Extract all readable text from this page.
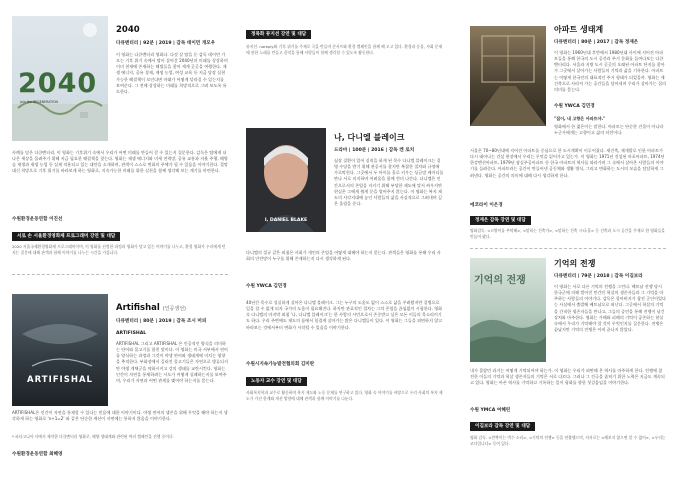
2040
join the REGENERATION
2040
다큐멘터리 | 92분 | 2019 | 감독 데이먼 개모우
이 영화는 다큐멘터리 영화다. 다섯 살 딸을 둔 감독 데이먼 가모는 기후 위기 속에서 딸이 살아갈 2040년의 미래를 상상하며 이미 현재에 존재하는 해법들을 찾아 세계 곳곳을 여행한다. 재생 에너지, 공유 경제, 재생 농업, 여성 교육 등 지금 당장 실현 가능한 해결책이 모인다면 미래가 어떻게 달라질 수 있는지를 보여준다. 그 전에 상상하는 미래를 희망적으로 그려 보도록 유도한다.
사례를 담은 다큐멘터리. 이 영화는 기후위기 속에서 우리가 어떤 미래를 만들어 갈 수 있는지 질문한다. 감독은 딸에게 더 나은 세상을 물려주기 위해 지금 필요한 해결책을 찾는다. 영화는 재생 에너지와 미세 전력망, 공유 교통과 자율 주행, 해양 숲 재생과 재생 농업 등 실제 적용되고 있는 대안을 소개하며, 관객이 스스로 변화의 주체가 될 수 있음을 이야기한다. 절망 대신 희망으로 기후 위기를 바라보게 하는 영화로, 지속가능한 미래를 위한 실천을 함께 생각해 보는 계기를 마련한다.
수원환경운동연합 이진선
서로 손 서울환경영화제 프로그래머 강연 및 대담
2020 서울국제환경영화제 프로그래머이며, 이 영화를 선정한 과정과 영화가 담고 있는 이야기를 나누고, 환경 영화가 우리에게 던지는 질문에 대해 관객과 함께 이야기를 나누는 시간을 가집니다.
ARTIFISHAL
Artifishal (인공생선)
다큐멘터리 | 80분 | 2019 | 감독 조시 머피
ARTIFISHAL
ARTIFISHAL 그리고 ARTIFISHAL 은 인공적인 양식을 의미하는 단어와 물고기를 합친 말이다. 이 영화는 미국 서부에서 연어를 양식하는 과정과 그것이 야생 연어와 생태계에 미치는 영향을 추적한다. 부화장에서 길러진 물고기들은 자연으로 방류되지만 야생 개체군을 약화시키고 강의 생태를 교란시킨다. 영화는 인간이 자연을 통제하려는 시도가 어떻게 실패하는지를 보여주며, 우리가 자연과 어떤 관계를 맺어야 하는지를 묻는다.
ARTIFISHAL은 인간이 자연을 통제할 수 있다는 믿음에 대한 이야기이다. 야생 연어의 생존을 위해 무엇을 해야 하는지 생각하게 하는 영화로 'n+1=2' 와 같은 단순한 계산이 자연에는 통하지 않음을 이야기한다.
* 파타고니아 사에서 제작한 다큐멘터리 영화로, 해양 생태계와 관련된 여러 캠페인을 진행 중이다.
수원환경운동연합 최혜영
정목화 뮤지션 강연 및 대담
뮤지션. noreply와 기후 위기를 주제로 곡을 만들며 콘서트와 환경 캠페인을 함께 해 오고 있다. 환경과 동물, 사회 문제에 관한 노래를 만들고 음악을 통해 사람들이 함께 생각할 수 있도록 활동한다.
I, DANIEL BLAKE
나, 다니엘 블레이크
드라마 | 100분 | 2016 | 감독 켄 로치
심장 질환이 있어 실직을 하게 된 목수 다니엘 블레이크는 질병 수당을 받기 위해 관공서를 찾지만 복잡한 절차와 규정에 가로막힌다. 그곳에서 두 아이를 홀로 키우는 싱글맘 케이티를 만나 서로 의지하며 어려움을 함께 견뎌 나간다. 다니엘은 인간으로서의 존엄을 지키기 위해 부당한 제도에 맞서 싸우지만 현실은 그에게 쉽게 문을 열어주지 않는다. 이 영화는 복지 제도의 사각지대에 놓인 사람들의 삶을 사실적으로 그려내며 깊은 울림을 준다.
다니엘의 절규 같은 외침은 사회가 개인의 존엄을 어떻게 대해야 하는지 묻는다. 관객들은 영화를 통해 우리 사회의 안전망이 누구를 위해 존재하는지 다시 생각하게 된다.
수원 YWCA 김민경
40년간 목수로 성실하게 살아온 다니엘 블레이크. 그는 누구의 도움도 없이 스스로 삶을 꾸려왔지만 질병으로 일을 할 수 없게 되자 국가의 도움이 필요해진다. 하지만 관료적인 절차는 그의 존엄을 끊임없이 시험한다. 영화 속 다니엘의 마지막 외침 '나, 다니엘 블레이크'는 한 사람의 시민으로서 존중받고 싶은 모든 이들의 목소리이기도 하다. 우리 주변에도 제도의 틈에서 힘겹게 살아가는 많은 다니엘들이 있다. 이 영화는 그들을 외면하지 않고 바라보는 것에서부터 변화가 시작될 수 있음을 이야기한다.
수원시지속가능발전협의회 김미란
노동자 교수 강연 및 대담
사회복지학과 교수로 활동하며 복지 제도와 노동 문제를 연구하고 있다. 영화 속 이야기를 바탕으로 우리 사회의 복지 제도가 가진 한계와 개선 방향에 대해 관객과 함께 이야기를 나눈다.
아파트 생태계
다큐멘터리 | 80분 | 2017 | 감독 정재은
이 영화는 1960년대 후반에서 1980년대 사이에 지어진 아파트들을 통해 한국의 도시 공간과 주거 문화를 들여다보는 다큐멘터리다. 서울과 지방 도시 곳곳의 오래된 아파트 단지를 찾아가 그곳에서 살아가는 사람들의 기억과 삶을 기록한다. 아파트는 어떻게 한국인의 대표적인 주거 형태가 되었을까. 영화는 재건축으로 사라져 가는 공간들을 담아내며 우리가 살아가는 집의 의미를 묻는다.
수원 YWCA 김민경
"집이, 내 고향은 아파트야."
영화에서 한 젊은이는 말한다. 아파트는 단순한 건물이 아니라 누군가에게는 고향이고 삶의 터전이다.
서울은 70~80년대에 지어진 아파트를 중심으로 한 도시계획이 이루어졌다. 재건축, 재개발로 인한 아파트가 다시 태어나는 건설 현장에서 우리는 무엇을 잃어가고 있는가. 이 영화는 1971년 건설된 마포아파트, 1974년 한강맨션아파트, 1979년 잠실주공아파트 등 한국 아파트의 역사를 따라가며 그 속에서 살아온 사람들의 이야기를 들려준다. 아파트라는 공간이 만들어낸 공동체와 생활 방식, 그리고 변화하는 도시의 모습을 담담하게 그려낸다. 영화는 공간의 의미에 대해 다시 생각하게 한다.
에코라이 이은경
정재은 감독 강연 및 대담
영화감독. <고양이를 부탁해>, <말하는 건축가>, <말하는 건축 시티:홀> 등 건축과 도시 공간을 주제로 한 영화들을 만들어 왔다.
기억의 전쟁
기억의 전쟁
다큐멘터리 | 79분 | 2018 | 감독 이길보라
이 영화는 서로 다른 기억의 전쟁을 그린다. 베트남 전쟁 당시 한국군에 의해 벌어진 민간인 학살의 생존자들과 그 기억을 마주하는 사람들의 이야기다. 감독은 할아버지가 참전 군인이었다는 사실에서 출발해 베트남으로 떠난다. 그곳에서 학살의 기억을 간직한 생존자들을 만나고, 그들의 증언을 통해 전쟁이 남긴 상처와 마주한다. 영화는 가해와 피해의 기억이 공존하는 현실 속에서 우리가 기억해야 할 것이 무엇인지를 질문한다. 전쟁은 끝났지만 기억의 전쟁은 아직 끝나지 않았다.
내가 몰랐던 과거는 어떻게 기억되어야 하는가. 이 영화는 우리가 외면해 온 역사를 마주하게 한다. 전쟁에 참전한 이들의 기억과 학살 생존자들의 기억은 서로 다르다. 그러나 그 간극을 좁히기 위한 노력은 지금도 계속되고 있다. 영화는 아픈 역사를 기억하고 기록하는 일이 평화를 향한 첫걸음임을 이야기한다.
수원 YMCA 여혜린
이길보라 감독 강연 및 대담
영화 감독. <반짝이는 박수 소리>, <기억의 전쟁> 등을 연출했으며, 저서로는 <해보지 않으면 알 수 없어>, <우리는 코다입니다> 등이 있다.
